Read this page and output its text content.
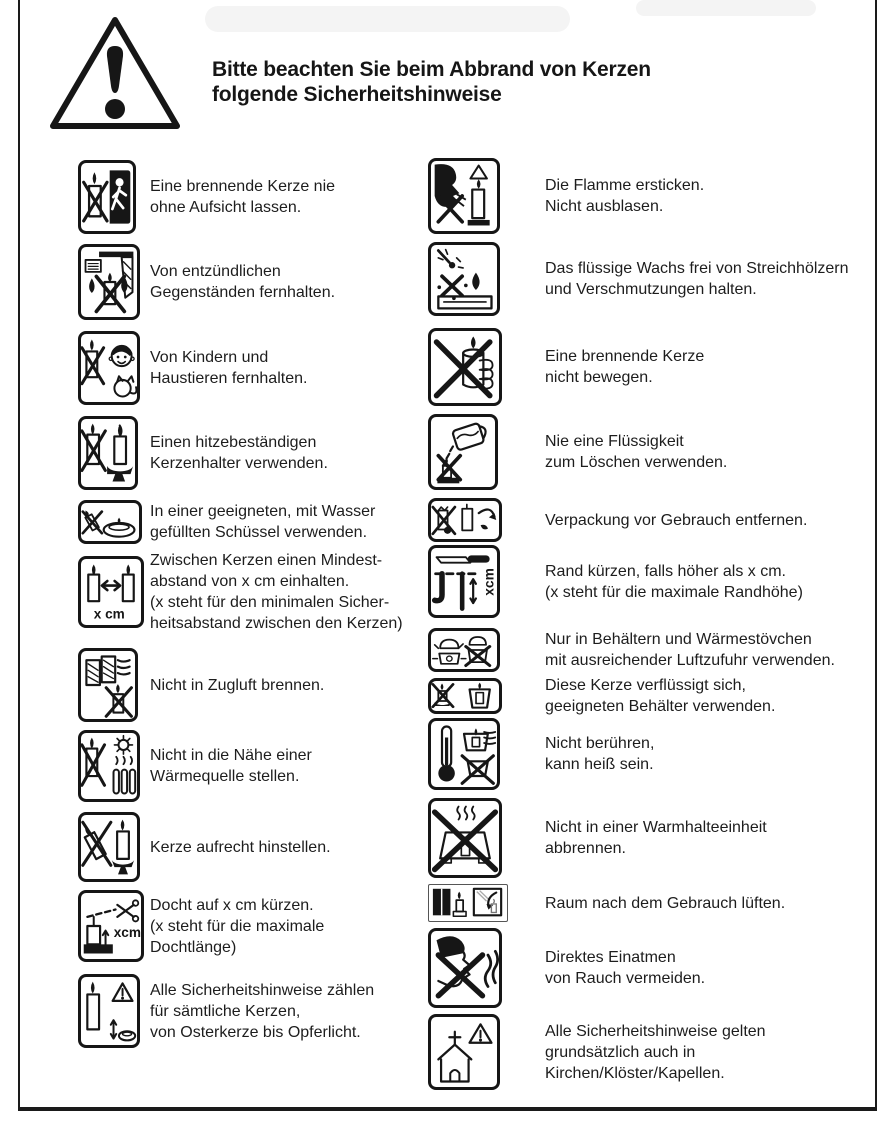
Bitte beachten Sie beim Abbrand von Kerzen
folgende Sicherheitshinweise
Eine brennende Kerze nie
ohne Aufsicht lassen.
Von entzündlichen
Gegenständen fernhalten.
Von Kindern und
Haustieren fernhalten.
Einen hitzebeständigen
Kerzenhalter verwenden.
In einer geeigneten, mit Wasser
gefüllten Schüssel verwenden.
x cm
Zwischen Kerzen einen Mindest-
abstand von x cm einhalten.
(x steht für den minimalen Sicher-
heitsabstand zwischen den Kerzen)
Nicht in Zugluft brennen.
Nicht in die Nähe einer
Wärmequelle stellen.
Kerze aufrecht hinstellen.
xcm
Docht auf x cm kürzen.
(x steht für die maximale
Dochtlänge)
Alle Sicherheitshinweise zählen
für sämtliche Kerzen,
von Osterkerze bis Opferlicht.
Die Flamme ersticken.
Nicht ausblasen.
Das flüssige Wachs frei von Streichhölzern
und Verschmutzungen halten.
Eine brennende Kerze
nicht bewegen.
Nie eine Flüssigkeit
zum Löschen verwenden.
Verpackung vor Gebrauch entfernen.
xcm	Rand kürzen, falls höher als x cm.
(x steht für die maximale Randhöhe)
Nur in Behältern und Wärmestövchen
mit ausreichender Luftzufuhr verwenden.
Diese Kerze verflüssigt sich,
geeigneten Behälter verwenden.
Nicht berühren,
kann heiß sein.
Nicht in einer Warmhalteeinheit
abbrennen.
Raum nach dem Gebrauch lüften.
Direktes Einatmen
von Rauch vermeiden.
Alle Sicherheitshinweise gelten
grundsätzlich auch in
Kirchen/Klöster/Kapellen.
